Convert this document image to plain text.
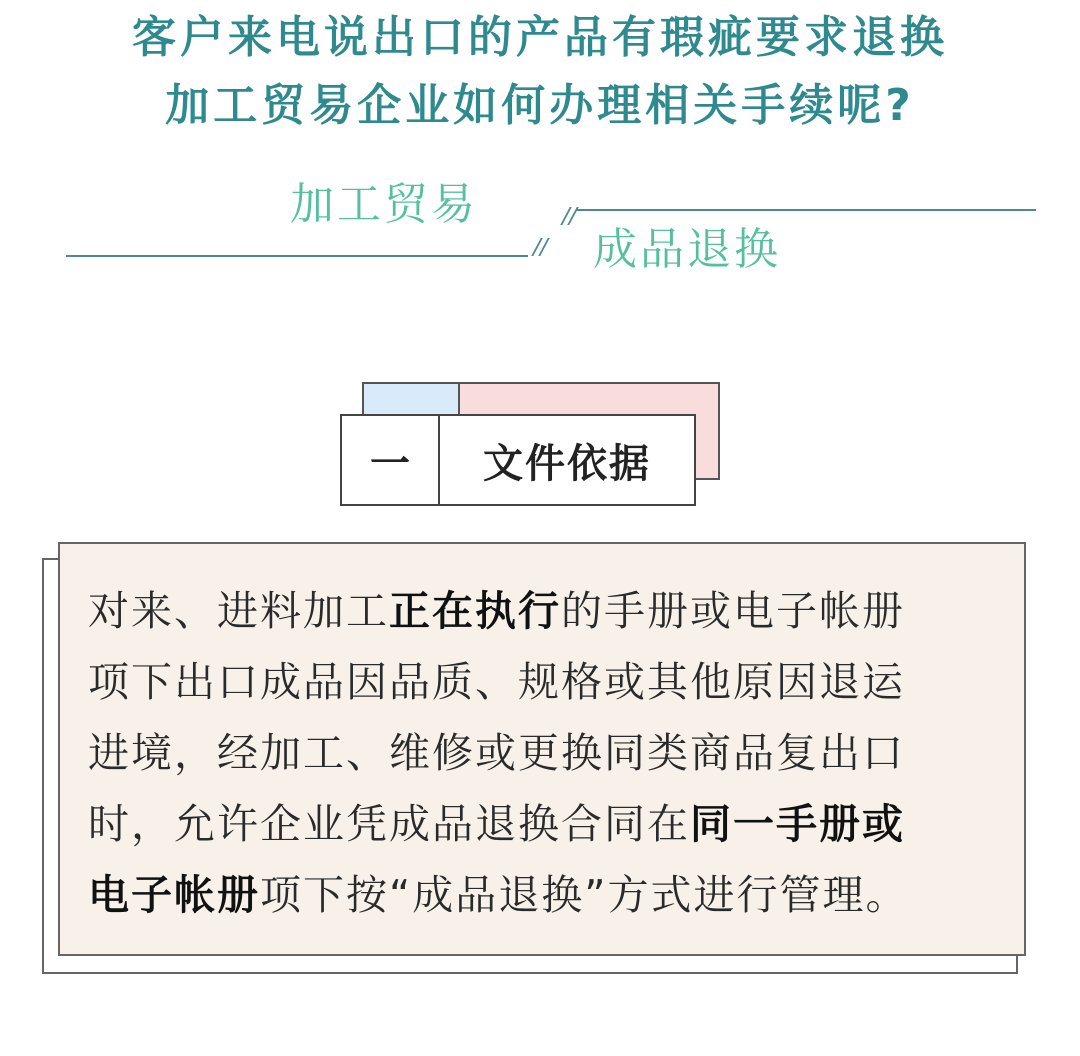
客户来电说出口的产品有瑕疵要求退换
加工贸易企业如何办理相关手续呢?
加工贸易
成品退换
一	文件依据
对来、进料加工正在执行的手册或电子帐册
项下出口成品因品质、规格或其他原因退运
进境，经加工、维修或更换同类商品复出口
时，允许企业凭成品退换合同在同一手册或
电子帐册项下按“成品退换”方式进行管理。
